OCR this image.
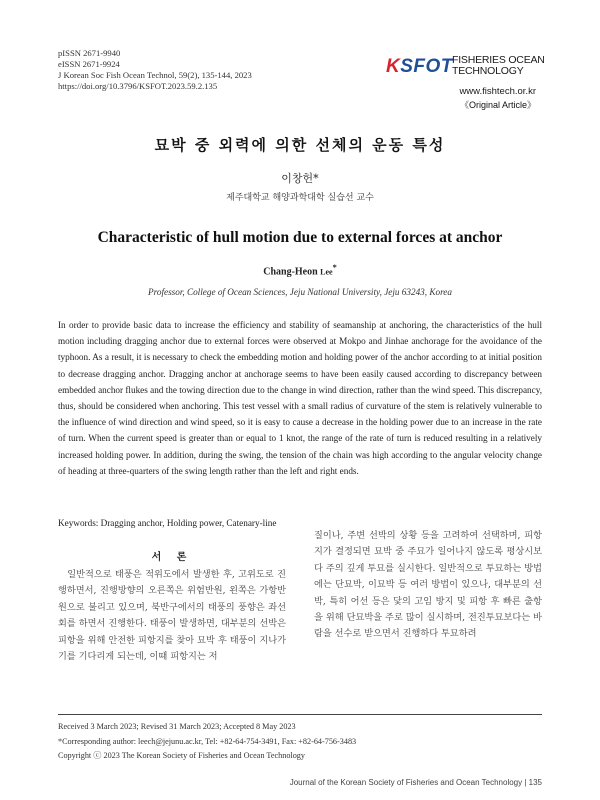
pISSN 2671-9940
eISSN 2671-9924
J Korean Soc Fish Ocean Technol, 59(2), 135-144, 2023
https://doi.org/10.3796/KSFOT.2023.59.2.135
KSFOT FISHERIES OCEAN
TECHNOLOGY
www.fishtech.or.kr
《Original Article》
묘박 중 외력에 의한 선체의 운동 특성
이창헌*
제주대학교 해양과학대학 실습선 교수
Characteristic of hull motion due to external forces at anchor
Chang-Heon Lee*
Professor, College of Ocean Sciences, Jeju National University, Jeju 63243, Korea
In order to provide basic data to increase the efficiency and stability of seamanship at anchoring, the characteristics of the hull motion including dragging anchor due to external forces were observed at Mokpo and Jinhae anchorage for the avoidance of the typhoon. As a result, it is necessary to check the embedding motion and holding power of the anchor according to at initial position to decrease dragging anchor. Dragging anchor at anchorage seems to have been easily caused according to discrepancy between embedded anchor flukes and the towing direction due to the change in wind direction, rather than the wind speed. This discrepancy, thus, should be considered when anchoring. This test vessel with a small radius of curvature of the stem is relatively vulnerable to the influence of wind direction and wind speed, so it is easy to cause a decrease in the holding power due to an increase in the rate of turn. When the current speed is greater than or equal to 1 knot, the range of the rate of turn is reduced resulting in a relatively increased holding power. In addition, during the swing, the tension of the chain was high according to the angular velocity change of heading at three-quarters of the swing length rather than the left and right ends.
Keywords: Dragging anchor, Holding power, Catenary-line
서 론
일반적으로 태풍은 적위도에서 발생한 후, 고위도로 진행하면서, 진행방향의 오른쪽은 위험반원, 왼쪽은 가항반원으로 불리고 있으며, 북반구에서의 태풍의 풍향은 좌선회를 하면서 진행한다. 태풍이 발생하면, 대부분의 선박은 피항을 위해 안전한 피항지를 찾아 묘박 후 태풍이 지나가기를 기다리게 되는데, 이때 피항지는 저
질이나, 주변 선박의 상황 등을 고려하여 선택하며, 피항지가 결정되면 묘박 중 주묘가 일어나지 않도록 평상시보다 주의 깊게 투묘를 실시한다. 일반적으로 투묘하는 방법에는 단묘박, 이묘박 등 여러 방법이 있으나, 대부분의 선박, 특히 어선 등은 닻의 고임 방지 및 피항 후 빠른 출항을 위해 단묘박을 주로 많이 실시하며, 전진투묘보다는 바람을 선수로 받으면서 진행하다 투묘하려
Received 3 March 2023; Revised 31 March 2023; Accepted 8 May 2023
*Corresponding author: leech@jejunu.ac.kr, Tel: +82-64-754-3491, Fax: +82-64-756-3483
Copyright ⓒ 2023 The Korean Society of Fisheries and Ocean Technology
Journal of the Korean Society of Fisheries and Ocean Technology | 135
